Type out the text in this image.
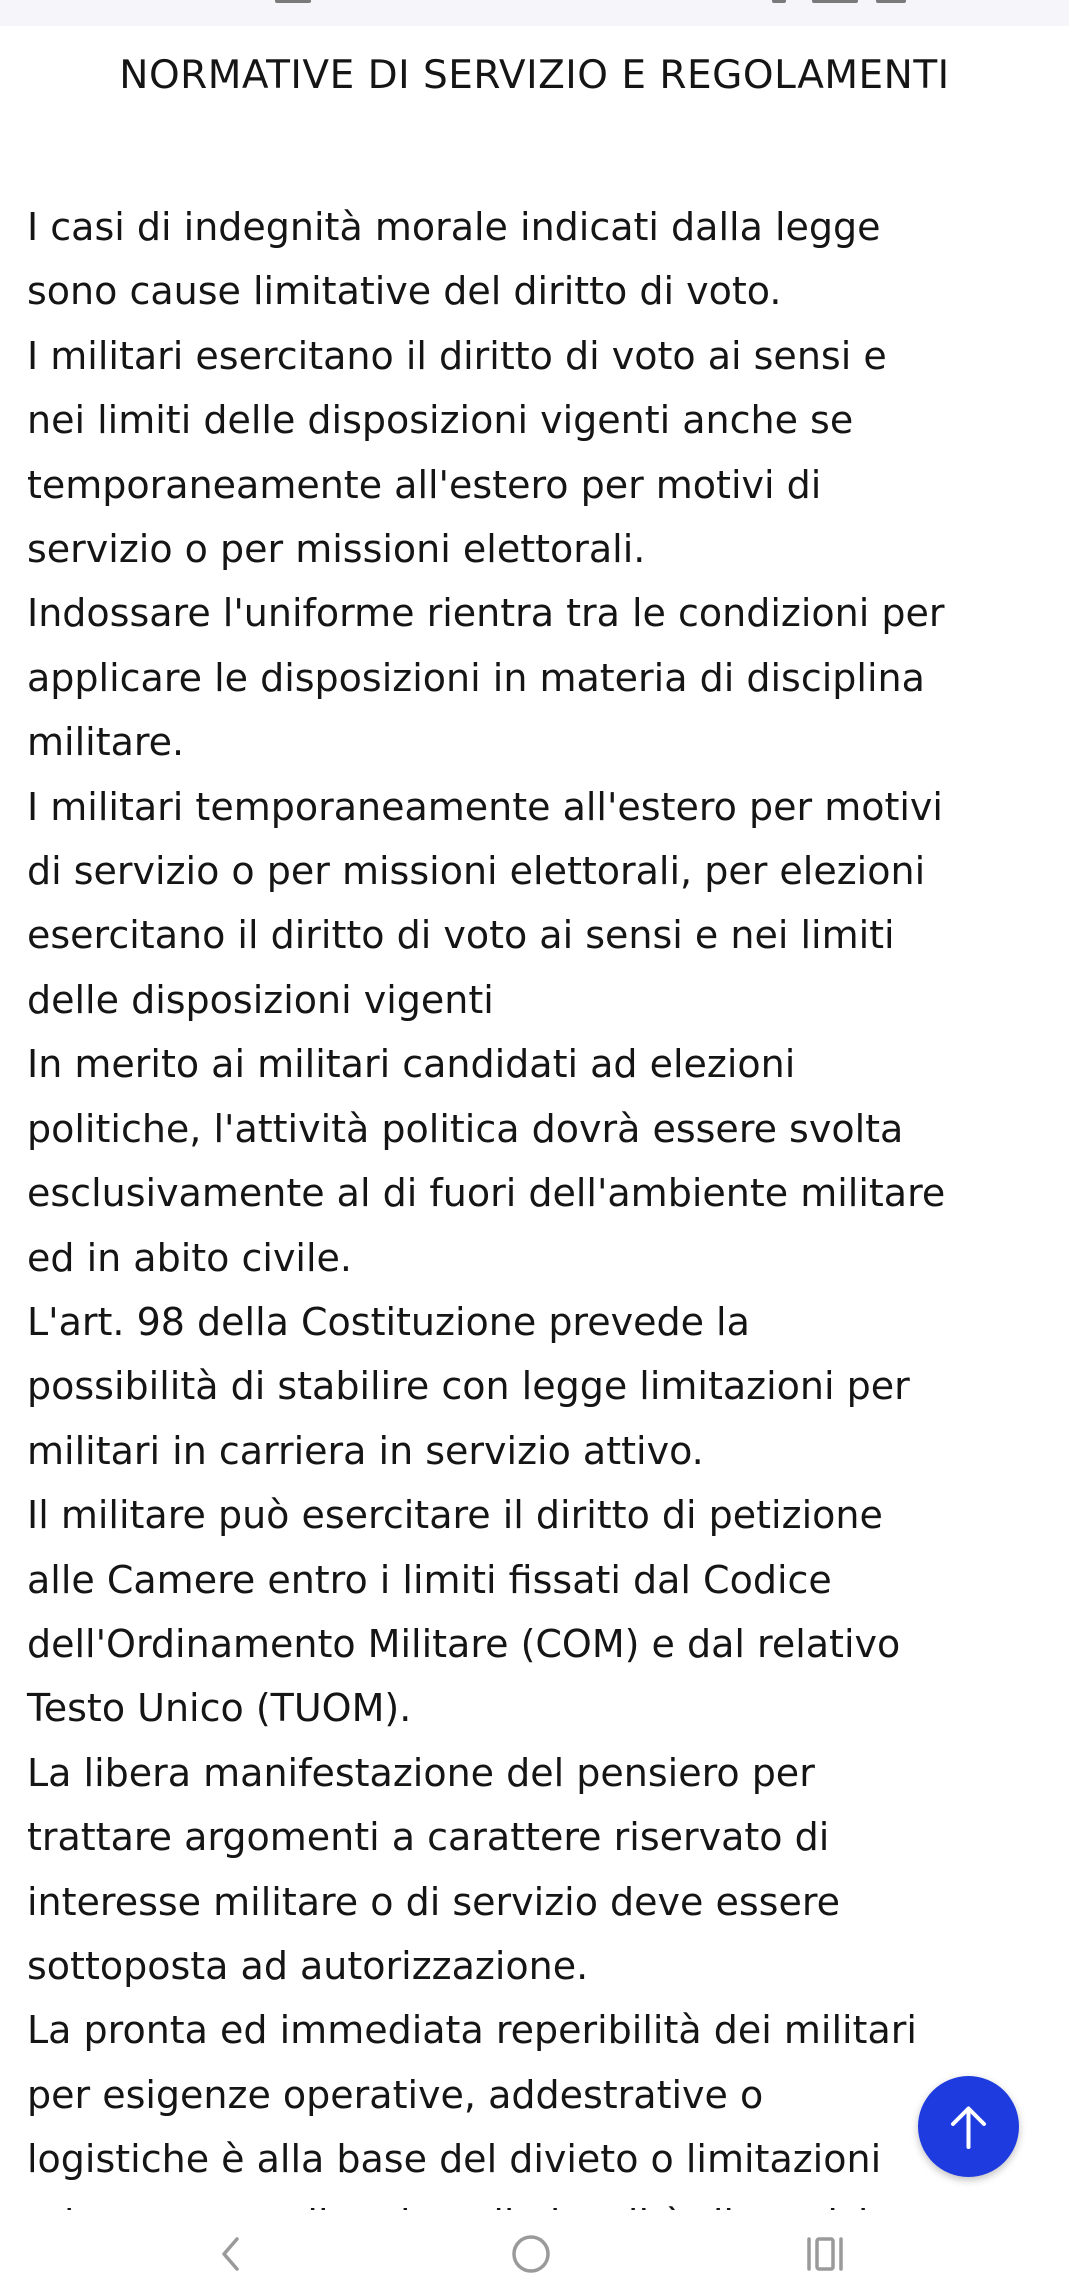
NORMATIVE DI SERVIZIO E REGOLAMENTI

I casi di indegnità morale indicati dalla legge

sono cause limitative del diritto di voto.

I militari esercitano il diritto di voto ai sensi e

nei limiti delle disposizioni vigenti anche se

temporaneamente all'estero per motivi di

servizio o per missioni elettorali.

Indossare l'uniforme rientra tra le condizioni per

applicare le disposizioni in materia di disciplina

militare.

I militari temporaneamente all'estero per motivi

di servizio o per missioni elettorali, per elezioni

esercitano il diritto di voto ai sensi e nei limiti

delle disposizioni vigenti

In merito ai militari candidati ad elezioni

politiche, l'attività politica dovrà essere svolta

esclusivamente al di fuori dell'ambiente militare

ed in abito civile.

L'art. 98 della Costituzione prevede la

possibilità di stabilire con legge limitazioni per

militari in carriera in servizio attivo.

Il militare può esercitare il diritto di petizione

alle Camere entro i limiti fissati dal Codice

dell'Ordinamento Militare (COM) e dal relativo

Testo Unico (TUOM).

La libera manifestazione del pensiero per

trattare argomenti a carattere riservato di

interesse militare o di servizio deve essere

sottoposta ad autorizzazione.

La pronta ed immediata reperibilità dei militari

per esigenze operative, addestrative o

logistiche è alla base del divieto o limitazioni
